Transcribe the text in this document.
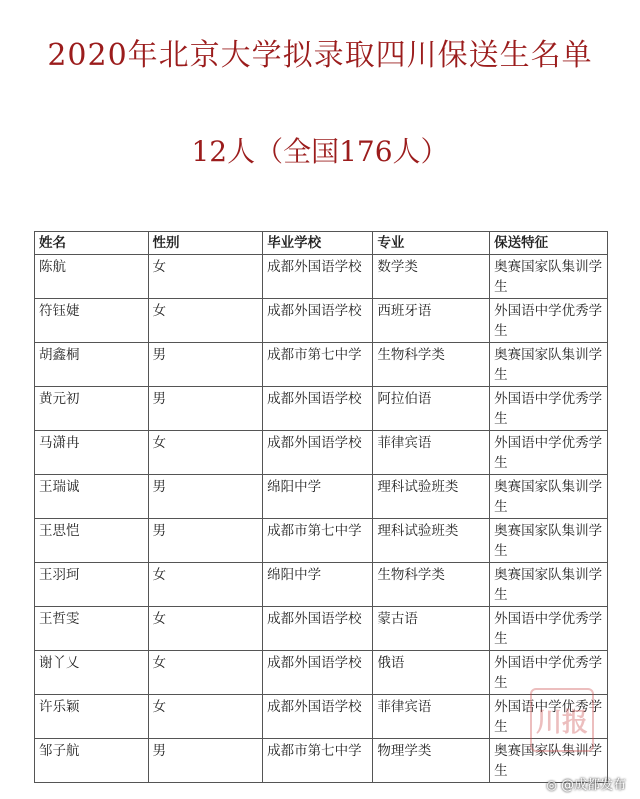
2020年北京大学拟录取四川保送生名单
12人（全国176人）
姓名	性别	毕业学校	专业	保送特征
陈航	女	成都外国语学校	数学类	奥赛国家队集训学生
符钰婕	女	成都外国语学校	西班牙语	外国语中学优秀学生
胡鑫桐	男	成都市第七中学	生物科学类	奥赛国家队集训学生
黄元初	男	成都外国语学校	阿拉伯语	外国语中学优秀学生
马潇冉	女	成都外国语学校	菲律宾语	外国语中学优秀学生
王瑞诚	男	绵阳中学	理科试验班类	奥赛国家队集训学生
王思恺	男	成都市第七中学	理科试验班类	奥赛国家队集训学生
王羽珂	女	绵阳中学	生物科学类	奥赛国家队集训学生
王哲雯	女	成都外国语学校	蒙古语	外国语中学优秀学生
谢丫乂	女	成都外国语学校	俄语	外国语中学优秀学生
许乐颖	女	成都外国语学校	菲律宾语	外国语中学优秀学生
邹子航	男	成都市第七中学	物理学类	奥赛国家队集训学生
川报
◎ @成都发布
